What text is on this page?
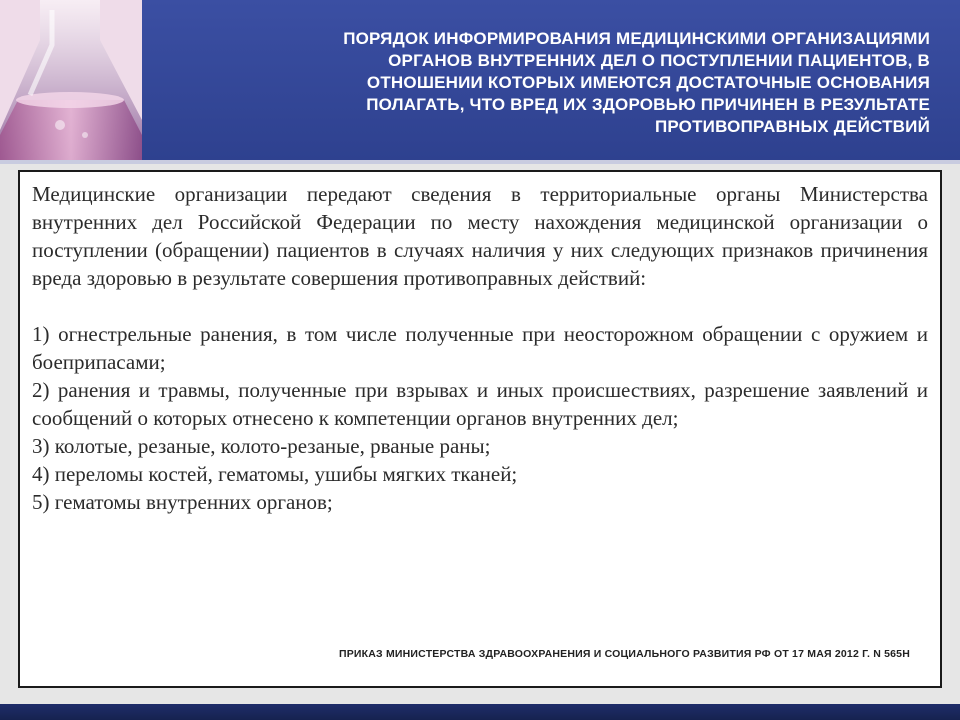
ПОРЯДОК ИНФОРМИРОВАНИЯ МЕДИЦИНСКИМИ ОРГАНИЗАЦИЯМИ
ОРГАНОВ ВНУТРЕННИХ ДЕЛ О ПОСТУПЛЕНИИ ПАЦИЕНТОВ, В
ОТНОШЕНИИ КОТОРЫХ ИМЕЮТСЯ ДОСТАТОЧНЫЕ ОСНОВАНИЯ
ПОЛАГАТЬ, ЧТО ВРЕД ИХ ЗДОРОВЬЮ ПРИЧИНЕН В РЕЗУЛЬТАТЕ
ПРОТИВОПРАВНЫХ ДЕЙСТВИЙ

Медицинские организации передают сведения в территориальные органы Министерства внутренних дел Российской Федерации по месту нахождения медицинской организации о поступлении (обращении) пациентов в случаях наличия у них следующих признаков причинения вреда здоровью в результате совершения противоправных действий:

1) огнестрельные ранения, в том числе полученные при неосторожном обращении с оружием и боеприпасами;

2) ранения и травмы, полученные при взрывах и иных происшествиях, разрешение заявлений и сообщений о которых отнесено к компетенции органов внутренних дел;

3) колотые, резаные, колото-резаные, рваные раны;

4) переломы костей, гематомы, ушибы мягких тканей;

5) гематомы внутренних органов;

ПРИКАЗ МИНИСТЕРСТВА ЗДРАВООХРАНЕНИЯ И СОЦИАЛЬНОГО РАЗВИТИЯ РФ ОТ 17 МАЯ 2012 Г. N 565Н
